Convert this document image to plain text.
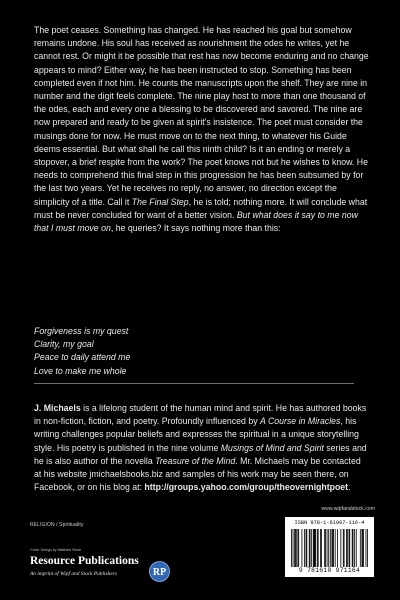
The poet ceases. Something has changed. He has reached his goal but somehow remains undone. His soul has received as nourishment the odes he writes, yet he cannot rest. Or might it be possible that rest has now become enduring and no change appears to mind? Either way, he has been instructed to stop. Something has been completed even if not him. He counts the manuscripts upon the shelf. They are nine in number and the digit feels complete. The nine play host to more than one thousand of the odes, each and every one a blessing to be discovered and savored. The nine are now prepared and ready to be given at spirit's insistence. The poet must consider the musings done for now. He must move on to the next thing, to whatever his Guide deems essential. But what shall he call this ninth child? Is it an ending or merely a stopover, a brief respite from the work? The poet knows not but he wishes to know. He needs to comprehend this final step in this progression he has been subsumed by for the last two years. Yet he receives no reply, no answer, no direction except the simplicity of a title. Call it The Final Step, he is told; nothing more. It will conclude what must be never concluded for want of a better vision. But what does it say to me now that I must move on, he queries? It says nothing more than this:

Forgiveness is my quest
Clarity, my goal
Peace to daily attend me
Love to make me whole

J. Michaels is a lifelong student of the human mind and spirit. He has authored books in non-fiction, fiction, and poetry. Profoundly influenced by A Course in Miracles, his writing challenges popular beliefs and expresses the spiritual in a unique storytelling style. His poetry is published in the nine volume Musings of Mind and Spirit series and he is also author of the novella Treasure of the Mind. Mr. Michaels may be contacted at his website jmichaelsbooks.biz and samples of his work may be seen there, on Facebook, or on his blog at: http://groups.yahoo.com/group/theovernightpoet.

www.wipfandstock.com
RELIGION / Spirituality
Cover Design by Matthew Stock
Resource Publications
An imprint of Wipf and Stock Publishers	RP
ISBN 978-1-61097-116-4
9 781610 971164
